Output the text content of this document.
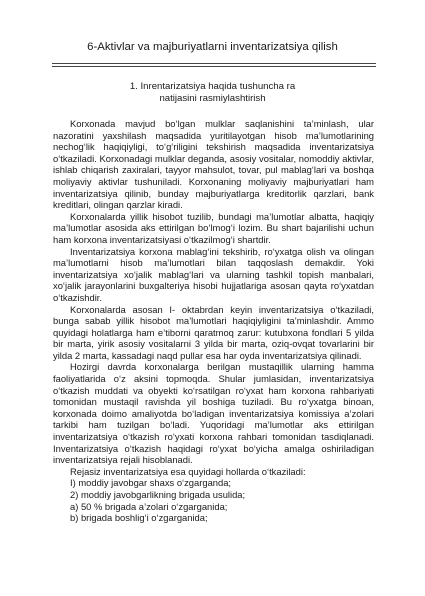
6-Aktivlar va majburiyatlarni inventarizatsiya qilish
1. Inrentarizatsiya haqida tushuncha ra
natijasini rasmiylashtirish

Korxonada mavjud bo‘lgan mulklar saqlanishini ta’minlash, ular nazoratini yaxshilash maqsadida yuritilayotgan hisob ma’lumotlarining nechog‘lik haqiqiyligi, to‘g‘riligini tekshirish maqsadida inventarizatsiya o‘tkaziladi. Korxonadagi mulklar deganda, asosiy vositalar, nomoddiy aktivlar, ishlab chiqarish zaxiralari, tayyor mahsulot, tovar, pul mablag‘lari va boshqa moliyaviy aktivlar tushuniladi. Korxonaning moliyaviy majburiyatlari ham inventarizatsiya qilinib, bunday majburiyatlarga kreditorlik qarzlari, bank kreditlari, olingan qarzlar kiradi.

Korxonalarda yillik hisobot tuzilib, bundagi ma’lumotlar albatta, haqiqiy ma’lumotlar asosida aks ettirilgan bo‘lmog‘i lozim. Bu shart bajarilishi uchun ham korxona inventarizatsiyasi o‘tkazilmog‘i shartdir.

Inventarizatsiya korxona mablag‘ini tekshirib, ro‘yxatga olish va olingan ma’lumotlarni hisob ma’lumotlari bilan taqqoslash demakdir. Yoki inventarizatsiya xo‘jalik mablag‘lari va ularning tashkil topish manbalari, xo‘jalik jarayonlarini buxgalteriya hisobi hujjatlariga asosan qayta ro‘yxatdan o‘tkazishdir.

Korxonalarda asosan I- oktabrdan keyin inventarizatsiya o‘tkaziladi, bunga sabab yillik hisobot ma’lumotlari haqiqiyligini ta’minlashdir. Ammo quyidagi holatlarga ham e’tiborni qaratmoq zarur: kutubxona fondlari 5 yilda bir marta, yirik asosiy vositalarni 3 yilda bir marta, oziq-ovqat tovarlarini bir yilda 2 marta, kassadagi naqd pullar esa har oyda inventarizatsiya qilinadi.

Hozirgi davrda korxonalarga berilgan mustaqillik ularning hamma faoliyatlarida o‘z aksini topmoqda. Shular jumlasidan, inventarizatsiya o‘tkazish muddati va obyekti ko‘rsatilgan ro‘yxat ham korxona rahbariyati tomonidan mustaqil ravishda yil boshiga tuziladi. Bu ro‘yxatga binoan, korxonada doimo amaliyotda bo‘ladigan inventarizatsiya komissiya a’zolari tarkibi ham tuzilgan bo‘ladi. Yuqoridagi ma’lumotlar aks ettirilgan inventarizatsiya o‘tkazish ro‘yxati korxona rahbari tomonidan tasdiqlanadi. Inventarizatsiya o‘tkazish haqidagi ro‘yxat bo‘yicha amalga oshiriladigan inventarizatsiya rejali hisoblanadi.

Rejasiz inventarizatsiya esa quyidagi hollarda o‘tkaziladi:

I) moddiy javobgar shaxs o‘zgarganda;
2) moddiy javobgarlikning brigada usulida;
a) 50 % brigada a’zolari o‘zgarganida;
b) brigada boshlig‘i o‘zgarganida;
